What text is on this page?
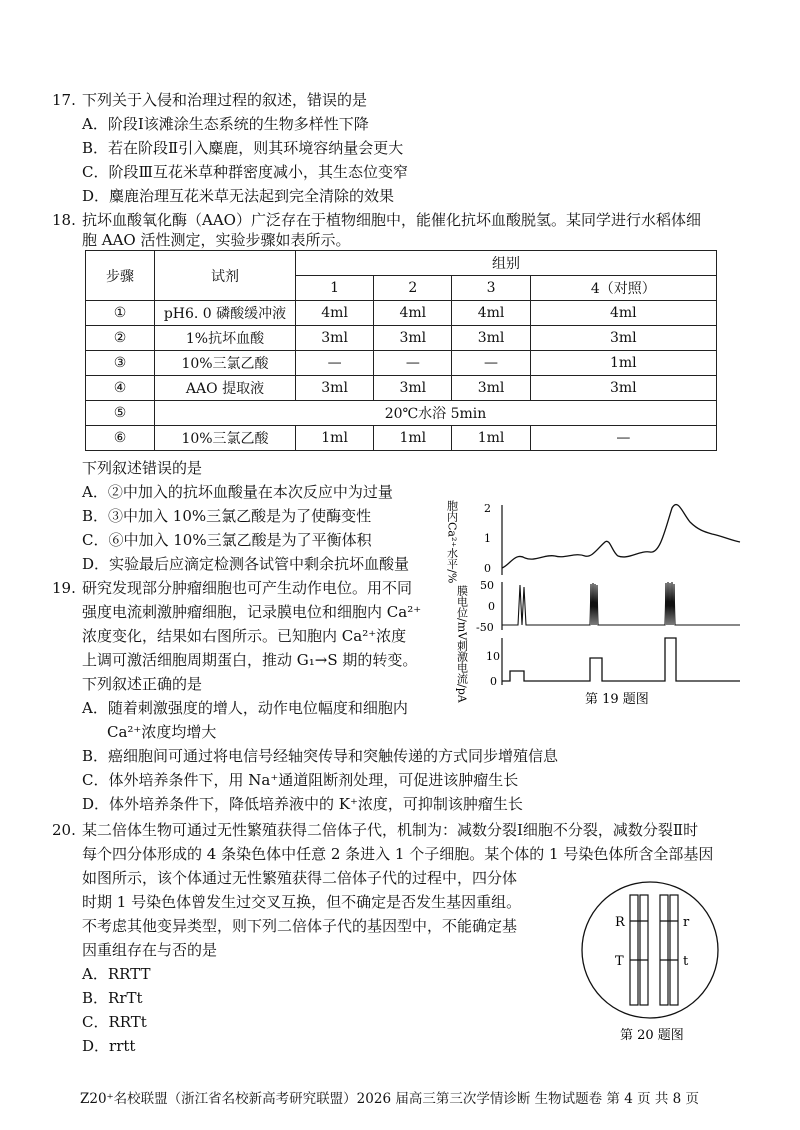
17. 下列关于入侵和治理过程的叙述，错误的是
A．阶段Ⅰ该滩涂生态系统的生物多样性下降
B．若在阶段Ⅱ引入麋鹿，则其环境容纳量会更大
C．阶段Ⅲ互花米草种群密度减小，其生态位变窄
D．麋鹿治理互花米草无法起到完全清除的效果
18. 抗坏血酸氧化酶（AAO）广泛存在于植物细胞中，能催化抗坏血酸脱氢。某同学进行水稻体细
胞 AAO 活性测定，实验步骤如表所示。
步骤	试剂	组别			
		1	2	3	4（对照）
①	pH6. 0 磷酸缓冲液	4ml	4ml	4ml	4ml
②	1%抗坏血酸	3ml	3ml	3ml	3ml
③	10%三氯乙酸	—	—	—	1ml
④	AAO 提取液	3ml	3ml	3ml	3ml
⑤	20℃水浴 5min				
⑥	10%三氯乙酸	1ml	1ml	1ml	—
下列叙述错误的是
A．②中加入的抗坏血酸量在本次反应中为过量
B．③中加入 10%三氯乙酸是为了使酶变性
C．⑥中加入 10%三氯乙酸是为了平衡体积
D．实验最后应滴定检测各试管中剩余抗坏血酸量
19. 研究发现部分肿瘤细胞也可产生动作电位。用不同
强度电流刺激肿瘤细胞，记录膜电位和细胞内 Ca²⁺
浓度变化，结果如右图所示。已知胞内 Ca²⁺浓度
上调可激活细胞周期蛋白，推动 G₁→S 期的转变。
下列叙述正确的是
A．随着刺激强度的增人，动作电位幅度和细胞内
Ca²⁺浓度均增大
B．癌细胞间可通过将电信号经轴突传导和突触传递的方式同步增殖信息
C．体外培养条件下，用 Na⁺通道阻断剂处理，可促进该肿瘤生长
D．体外培养条件下，降低培养液中的 K⁺浓度，可抑制该肿瘤生长
胞内Ca²⁺水平/%
膜电位/mV
刺激电流/pA
2
1
0
50
0
-50
10
0
第 19 题图
20. 某二倍体生物可通过无性繁殖获得二倍体子代，机制为：减数分裂Ⅰ细胞不分裂，减数分裂Ⅱ时
每个四分体形成的 4 条染色体中任意 2 条进入 1 个子细胞。某个体的 1 号染色体所含全部基因
如图所示，该个体通过无性繁殖获得二倍体子代的过程中，四分体
时期 1 号染色体曾发生过交叉互换，但不确定是否发生基因重组。
不考虑其他变异类型，则下列二倍体子代的基因型中，不能确定基
因重组存在与否的是
A．RRTT
B．RrTt
C．RRTt
D．rrtt
R
T
r
t
第 20 题图
Z20⁺名校联盟（浙江省名校新高考研究联盟）2026 届高三第三次学情诊断 生物试题卷 第 4 页 共 8 页
